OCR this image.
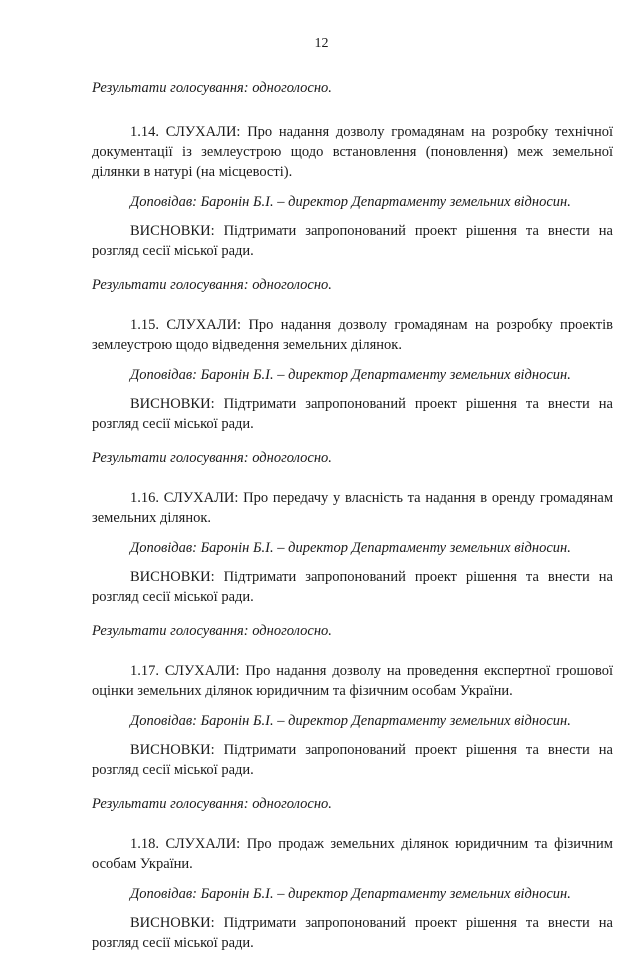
12

Результати голосування: одноголосно.

1.14. СЛУХАЛИ: Про надання дозволу громадянам на розробку технічної документації із землеустрою щодо встановлення (поновлення) меж земельної ділянки в натурі (на місцевості).

Доповідав: Баронін Б.І. – директор Департаменту земельних відносин.

ВИСНОВКИ: Підтримати запропонований проект рішення та внести на розгляд сесії міської ради.

Результати голосування: одноголосно.

1.15. СЛУХАЛИ: Про надання дозволу громадянам на розробку проектів землеустрою щодо відведення земельних ділянок.

Доповідав: Баронін Б.І. – директор Департаменту земельних відносин.

ВИСНОВКИ: Підтримати запропонований проект рішення та внести на розгляд сесії міської ради.

Результати голосування: одноголосно.

1.16. СЛУХАЛИ: Про передачу у власність та надання в оренду громадянам земельних ділянок.

Доповідав: Баронін Б.І. – директор Департаменту земельних відносин.

ВИСНОВКИ: Підтримати запропонований проект рішення та внести на розгляд сесії міської ради.

Результати голосування: одноголосно.

1.17. СЛУХАЛИ: Про надання дозволу на проведення експертної грошової оцінки земельних ділянок юридичним та фізичним особам України.

Доповідав: Баронін Б.І. – директор Департаменту земельних відносин.

ВИСНОВКИ: Підтримати запропонований проект рішення та внести на розгляд сесії міської ради.

Результати голосування: одноголосно.

1.18. СЛУХАЛИ: Про продаж земельних ділянок юридичним та фізичним особам України.

Доповідав: Баронін Б.І. – директор Департаменту земельних відносин.

ВИСНОВКИ: Підтримати запропонований проект рішення та внести на розгляд сесії міської ради.
